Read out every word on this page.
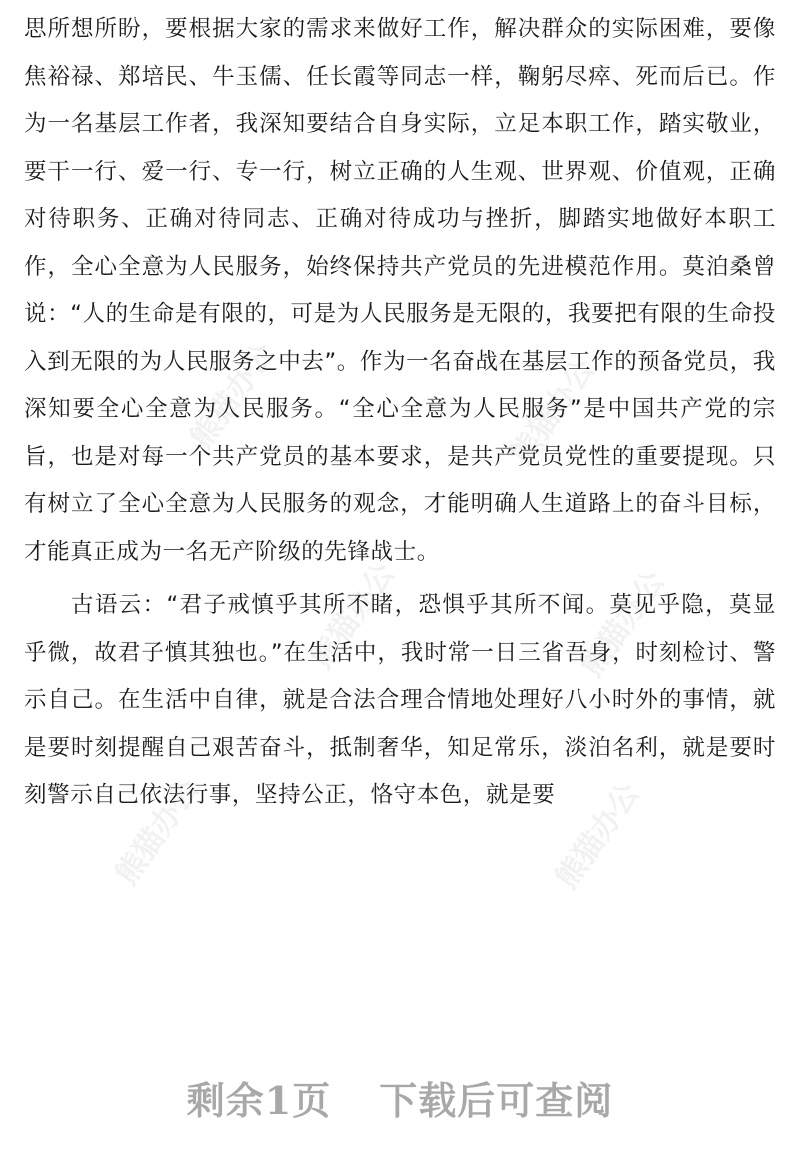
熊猫办公	熊猫办公
熊猫办公	熊猫办公
熊猫办公	熊猫办公

思所想所盼，要根据大家的需求来做好工作，解决群众的实际困难，要像焦裕禄、郑培民、牛玉儒、任长霞等同志一样，鞠躬尽瘁、死而后已。作为一名基层工作者，我深知要结合自身实际，立足本职工作，踏实敬业，要干一行、爱一行、专一行，树立正确的人生观、世界观、价值观，正确对待职务、正确对待同志、正确对待成功与挫折，脚踏实地做好本职工作，全心全意为人民服务，始终保持共产党员的先进模范作用。莫泊桑曾说：“人的生命是有限的，可是为人民服务是无限的，我要把有限的生命投入到无限的为人民服务之中去”。作为一名奋战在基层工作的预备党员，我深知要全心全意为人民服务。“全心全意为人民服务”是中国共产党的宗旨，也是对每一个共产党员的基本要求，是共产党员党性的重要提现。只有树立了全心全意为人民服务的观念，才能明确人生道路上的奋斗目标，才能真正成为一名无产阶级的先锋战士。

古语云：“君子戒慎乎其所不睹，恐惧乎其所不闻。莫见乎隐，莫显乎微，故君子慎其独也。”在生活中，我时常一日三省吾身，时刻检讨、警示自己。在生活中自律，就是合法合理合情地处理好八小时外的事情，就是要时刻提醒自己艰苦奋斗，抵制奢华，知足常乐，淡泊名利，就是要时刻警示自己依法行事，坚持公正，恪守本色，就是要

剩余1页 下载后可查阅
